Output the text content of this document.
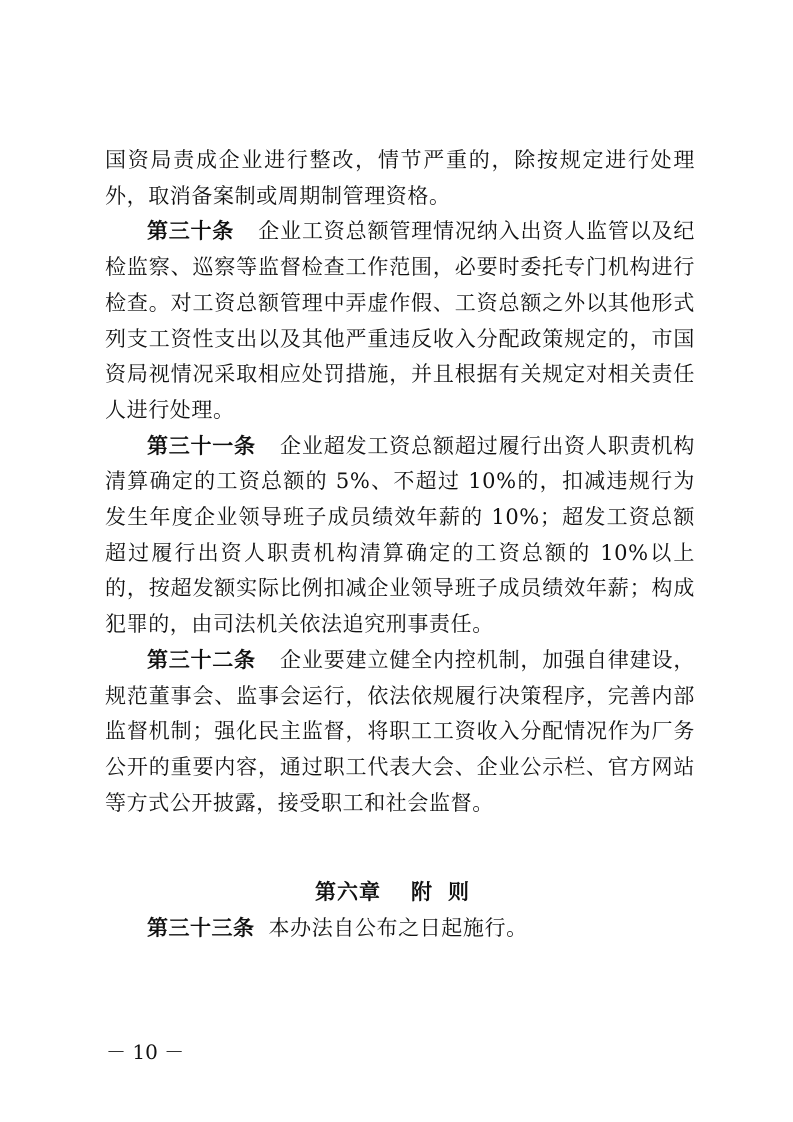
国资局责成企业进行整改，情节严重的，除按规定进行处理外，取消备案制或周期制管理资格。

第三十条 企业工资总额管理情况纳入出资人监管以及纪检监察、巡察等监督检查工作范围，必要时委托专门机构进行检查。对工资总额管理中弄虚作假、工资总额之外以其他形式列支工资性支出以及其他严重违反收入分配政策规定的，市国资局视情况采取相应处罚措施，并且根据有关规定对相关责任人进行处理。

第三十一条 企业超发工资总额超过履行出资人职责机构清算确定的工资总额的 5%、不超过 10%的，扣减违规行为发生年度企业领导班子成员绩效年薪的 10%；超发工资总额超过履行出资人职责机构清算确定的工资总额的 10%以上的，按超发额实际比例扣减企业领导班子成员绩效年薪；构成犯罪的，由司法机关依法追究刑事责任。

第三十二条 企业要建立健全内控机制，加强自律建设，规范董事会、监事会运行，依法依规履行决策程序，完善内部监督机制；强化民主监督，将职工工资收入分配情况作为厂务公开的重要内容，通过职工代表大会、企业公示栏、官方网站等方式公开披露，接受职工和社会监督。

第六章 附则

第三十三条 本办法自公布之日起施行。

－ 10 －
